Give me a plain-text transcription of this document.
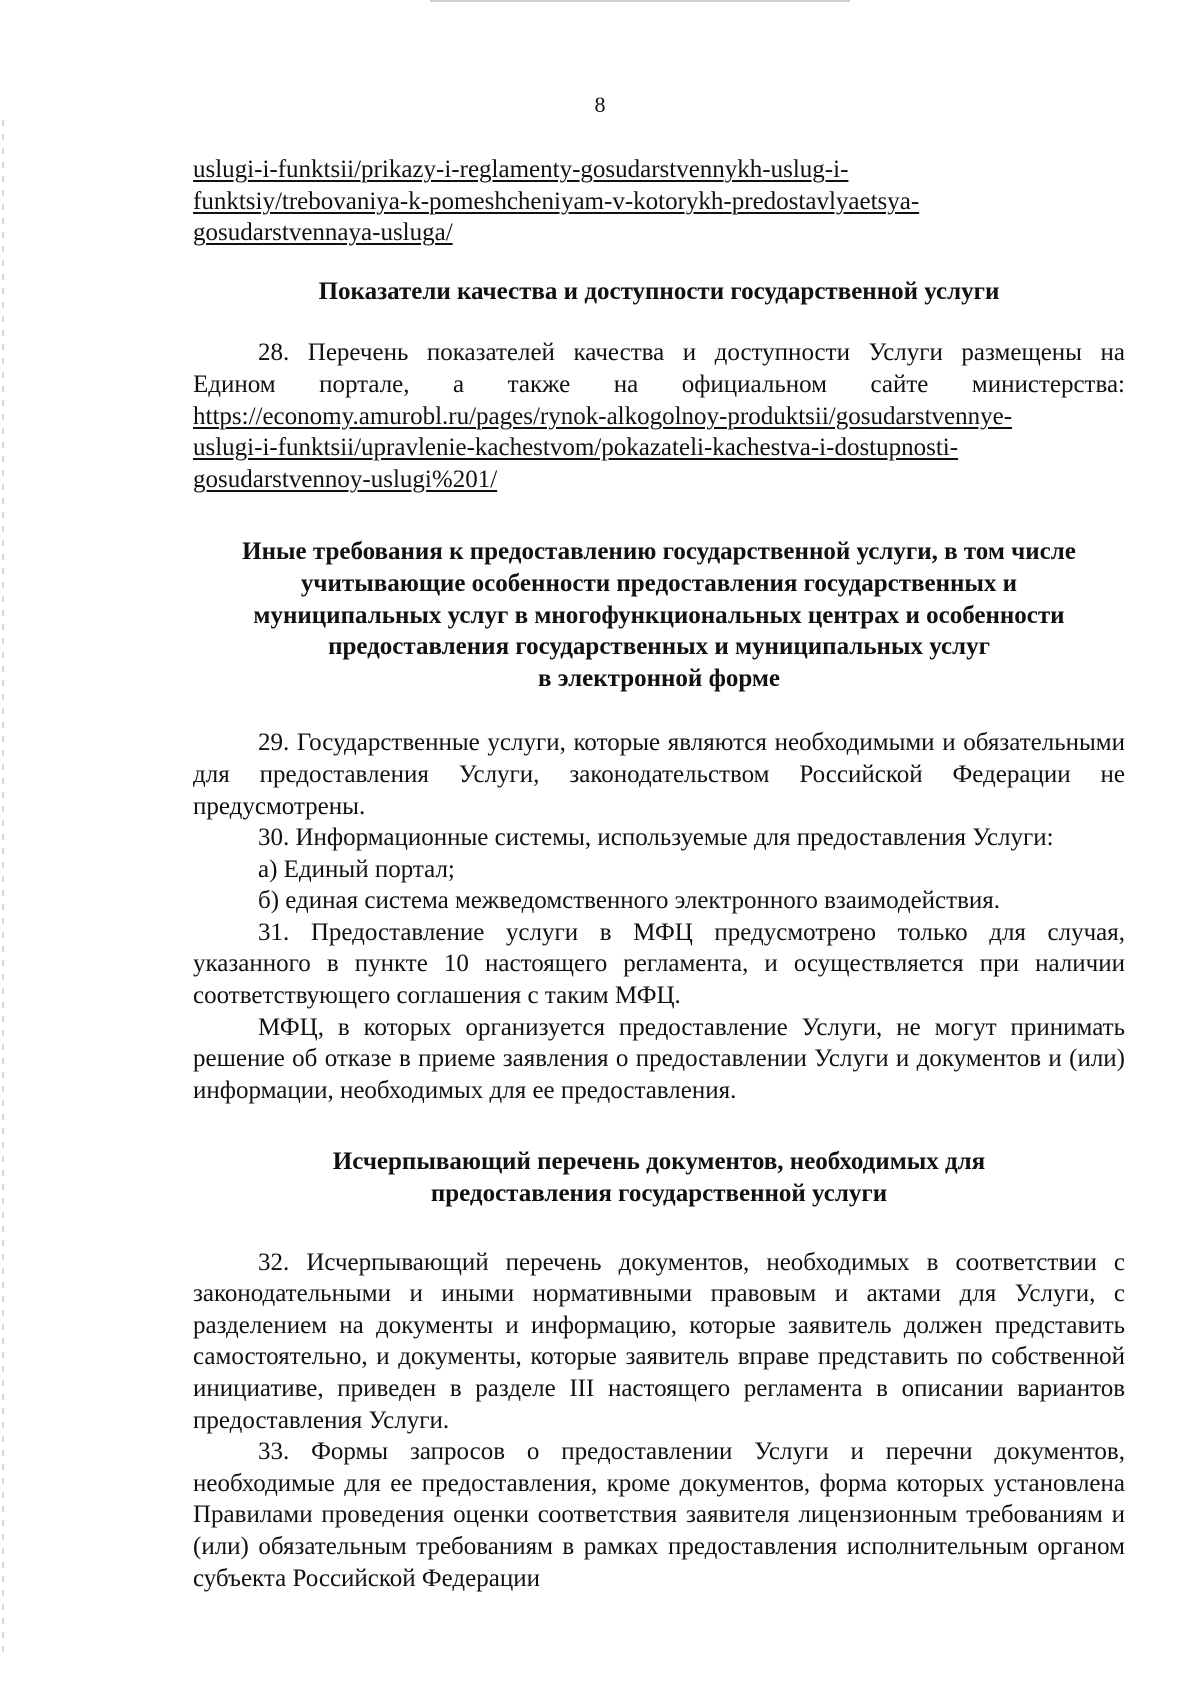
8

uslugi-i-funktsii/prikazy-i-reglamenty-gosudarstvennykh-uslug-i-
funktsiy/trebovaniya-k-pomeshcheniyam-v-kotorykh-predostavlyaetsya-
gosudarstvennaya-usluga/

Показатели качества и доступности государственной услуги

28. Перечень показателей качества и доступности Услуги размещены на

Едином портале, а также на официальном сайте министерства:

https://economy.amurobl.ru/pages/rynok-alkogolnoy-produktsii/gosudarstvennye-
uslugi-i-funktsii/upravlenie-kachestvom/pokazateli-kachestva-i-dostupnosti-
gosudarstvennoy-uslugi%201/
Иные требования к предоставлению государственной услуги, в том числе
учитывающие особенности предоставления государственных и
муниципальных услуг в многофункциональных центрах и особенности
предоставления государственных и муниципальных услуг
в электронной форме

29. Государственные услуги, которые являются необходимыми и обязательными для предоставления Услуги, законодательством Российской Федерации не предусмотрены.

30. Информационные системы, используемые для предоставления Услуги:

а) Единый портал;

б) единая система межведомственного электронного взаимодействия.

31. Предоставление услуги в МФЦ предусмотрено только для случая, указанного в пункте 10 настоящего регламента, и осуществляется при наличии соответствующего соглашения с таким МФЦ.

МФЦ, в которых организуется предоставление Услуги, не могут принимать решение об отказе в приеме заявления о предоставлении Услуги и документов и (или) информации, необходимых для ее предоставления.

Исчерпывающий перечень документов, необходимых для
предоставления государственной услуги

32. Исчерпывающий перечень документов, необходимых в соответствии с законодательными и иными нормативными правовым и актами для Услуги, с разделением на документы и информацию, которые заявитель должен представить самостоятельно, и документы, которые заявитель вправе представить по собственной инициативе, приведен в разделе III настоящего регламента в описании вариантов предоставления Услуги.

33. Формы запросов о предоставлении Услуги и перечни документов, необходимые для ее предоставления, кроме документов, форма которых установлена Правилами проведения оценки соответствия заявителя лицензионным требованиям и (или) обязательным требованиям в рамках предоставления исполнительным органом субъекта Российской Федерации
